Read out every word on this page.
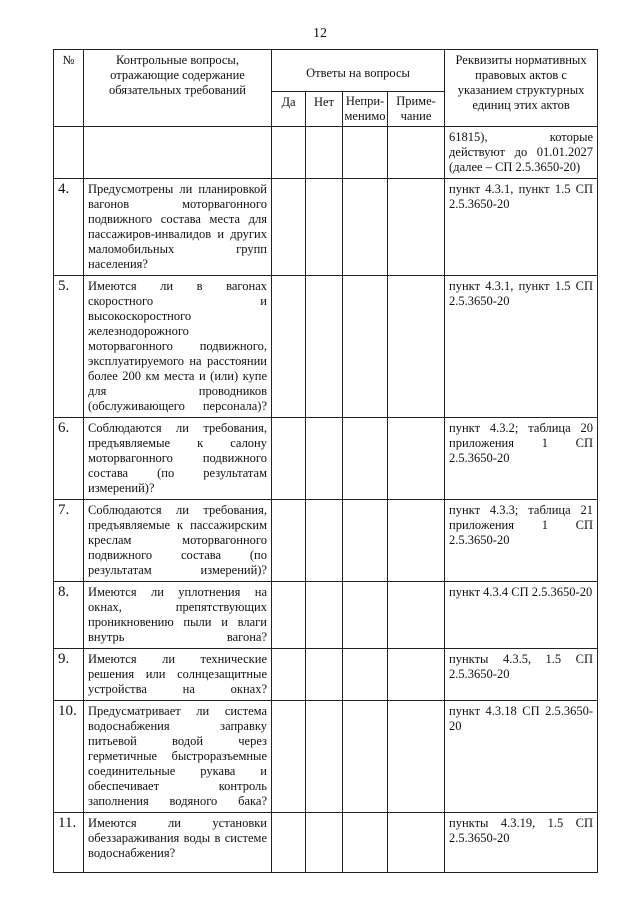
12
№	Контрольные вопросы, отражающие содержание обязательных требований	Ответы на вопросы				Реквизиты нормативных правовых актов с указанием структурных единиц этих актов
		Да	Нет	Непри-менимо	Приме-чание	
						61815), которые действуют до 01.01.2027 (далее – СП 2.5.3650-20)
4.	Предусмотрены ли планировкой вагонов моторвагонного подвижного состава места для пассажиров-инвалидов и других маломобильных групп населения?					пункт 4.3.1, пункт 1.5 СП 2.5.3650-20
5.	Имеются ли в вагонах скоростного и высокоскоростного железнодорожного моторвагонного подвижного, эксплуатируемого на расстоянии более 200 км места и (или) купе для проводников (обслуживающего персонала)?					пункт 4.3.1, пункт 1.5 СП 2.5.3650-20
6.	Соблюдаются ли требования, предъявляемые к салону моторвагонного подвижного состава (по результатам измерений)?					пункт 4.3.2; таблица 20 приложения 1 СП 2.5.3650-20
7.	Соблюдаются ли требования, предъявляемые к пассажирским креслам моторвагонного подвижного состава (по результатам измерений)?					пункт 4.3.3; таблица 21 приложения 1 СП 2.5.3650-20
8.	Имеются ли уплотнения на окнах, препятствующих проникновению пыли и влаги внутрь вагона?					пункт 4.3.4 СП 2.5.3650-20
9.	Имеются ли технические решения или солнцезащитные устройства на окнах?					пункты 4.3.5, 1.5 СП 2.5.3650-20
10.	Предусматривает ли система водоснабжения заправку питьевой водой через герметичные быстроразъемные соединительные рукава и обеспечивает контроль заполнения водяного бака?					пункт 4.3.18 СП 2.5.3650-20
11.	Имеются ли установки обеззараживания воды в системе водоснабжения?					пункты 4.3.19, 1.5 СП 2.5.3650-20
